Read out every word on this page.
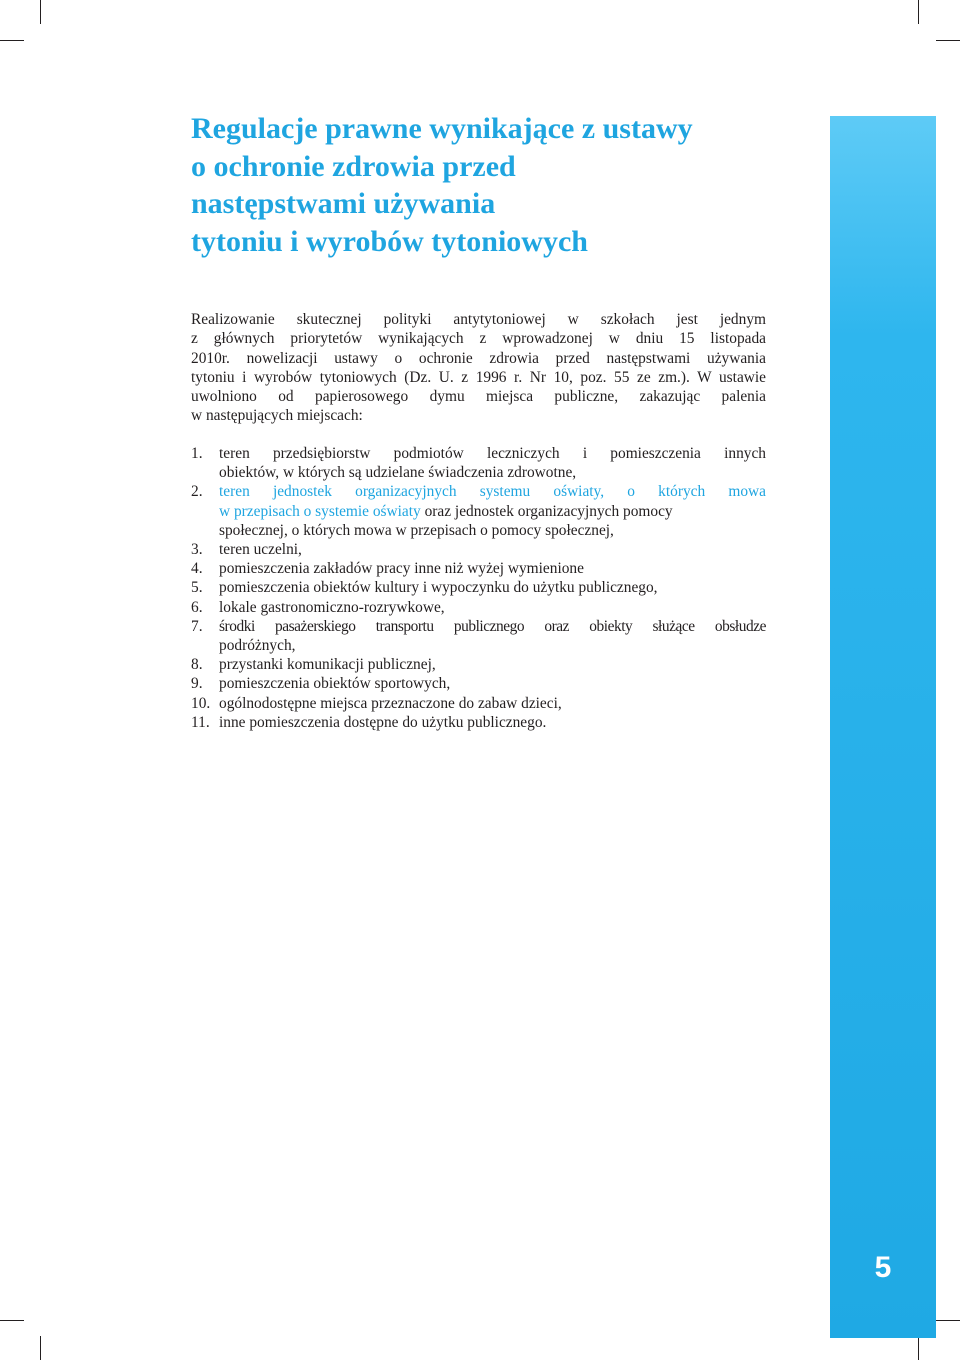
Regulacje prawne wynikające z ustawy
o ochronie zdrowia przed
następstwami używania
tytoniu i wyrobów tytoniowych

Realizowanie skutecznej polityki antytytoniowej w szkołach jest jednym
z głównych priorytetów wynikających z wprowadzonej w dniu 15 listopada
2010r. nowelizacji ustawy o ochronie zdrowia przed następstwami używania
tytoniu i wyrobów tytoniowych (Dz. U. z 1996 r. Nr 10, poz. 55 ze zm.). W ustawie
uwolniono od papierosowego dymu miejsca publiczne, zakazując palenia
w następujących miejscach:

1. teren przedsiębiorstw podmiotów leczniczych i pomieszczenia innych
obiektów, w których są udzielane świadczenia zdrowotne,
2. teren jednostek organizacyjnych systemu oświaty, o których mowa
w przepisach o systemie oświaty oraz jednostek organizacyjnych pomocy
społecznej, o których mowa w przepisach o pomocy społecznej,
3. teren uczelni,
4. pomieszczenia zakładów pracy inne niż wyżej wymienione
5. pomieszczenia obiektów kultury i wypoczynku do użytku publicznego,
6. lokale gastronomiczno-rozrywkowe,
7. środki pasażerskiego transportu publicznego oraz obiekty służące obsłudze
podróżnych,
8. przystanki komunikacji publicznej,
9. pomieszczenia obiektów sportowych,
10. ogólnodostępne miejsca przeznaczone do zabaw dzieci,
11. inne pomieszczenia dostępne do użytku publicznego.
5
